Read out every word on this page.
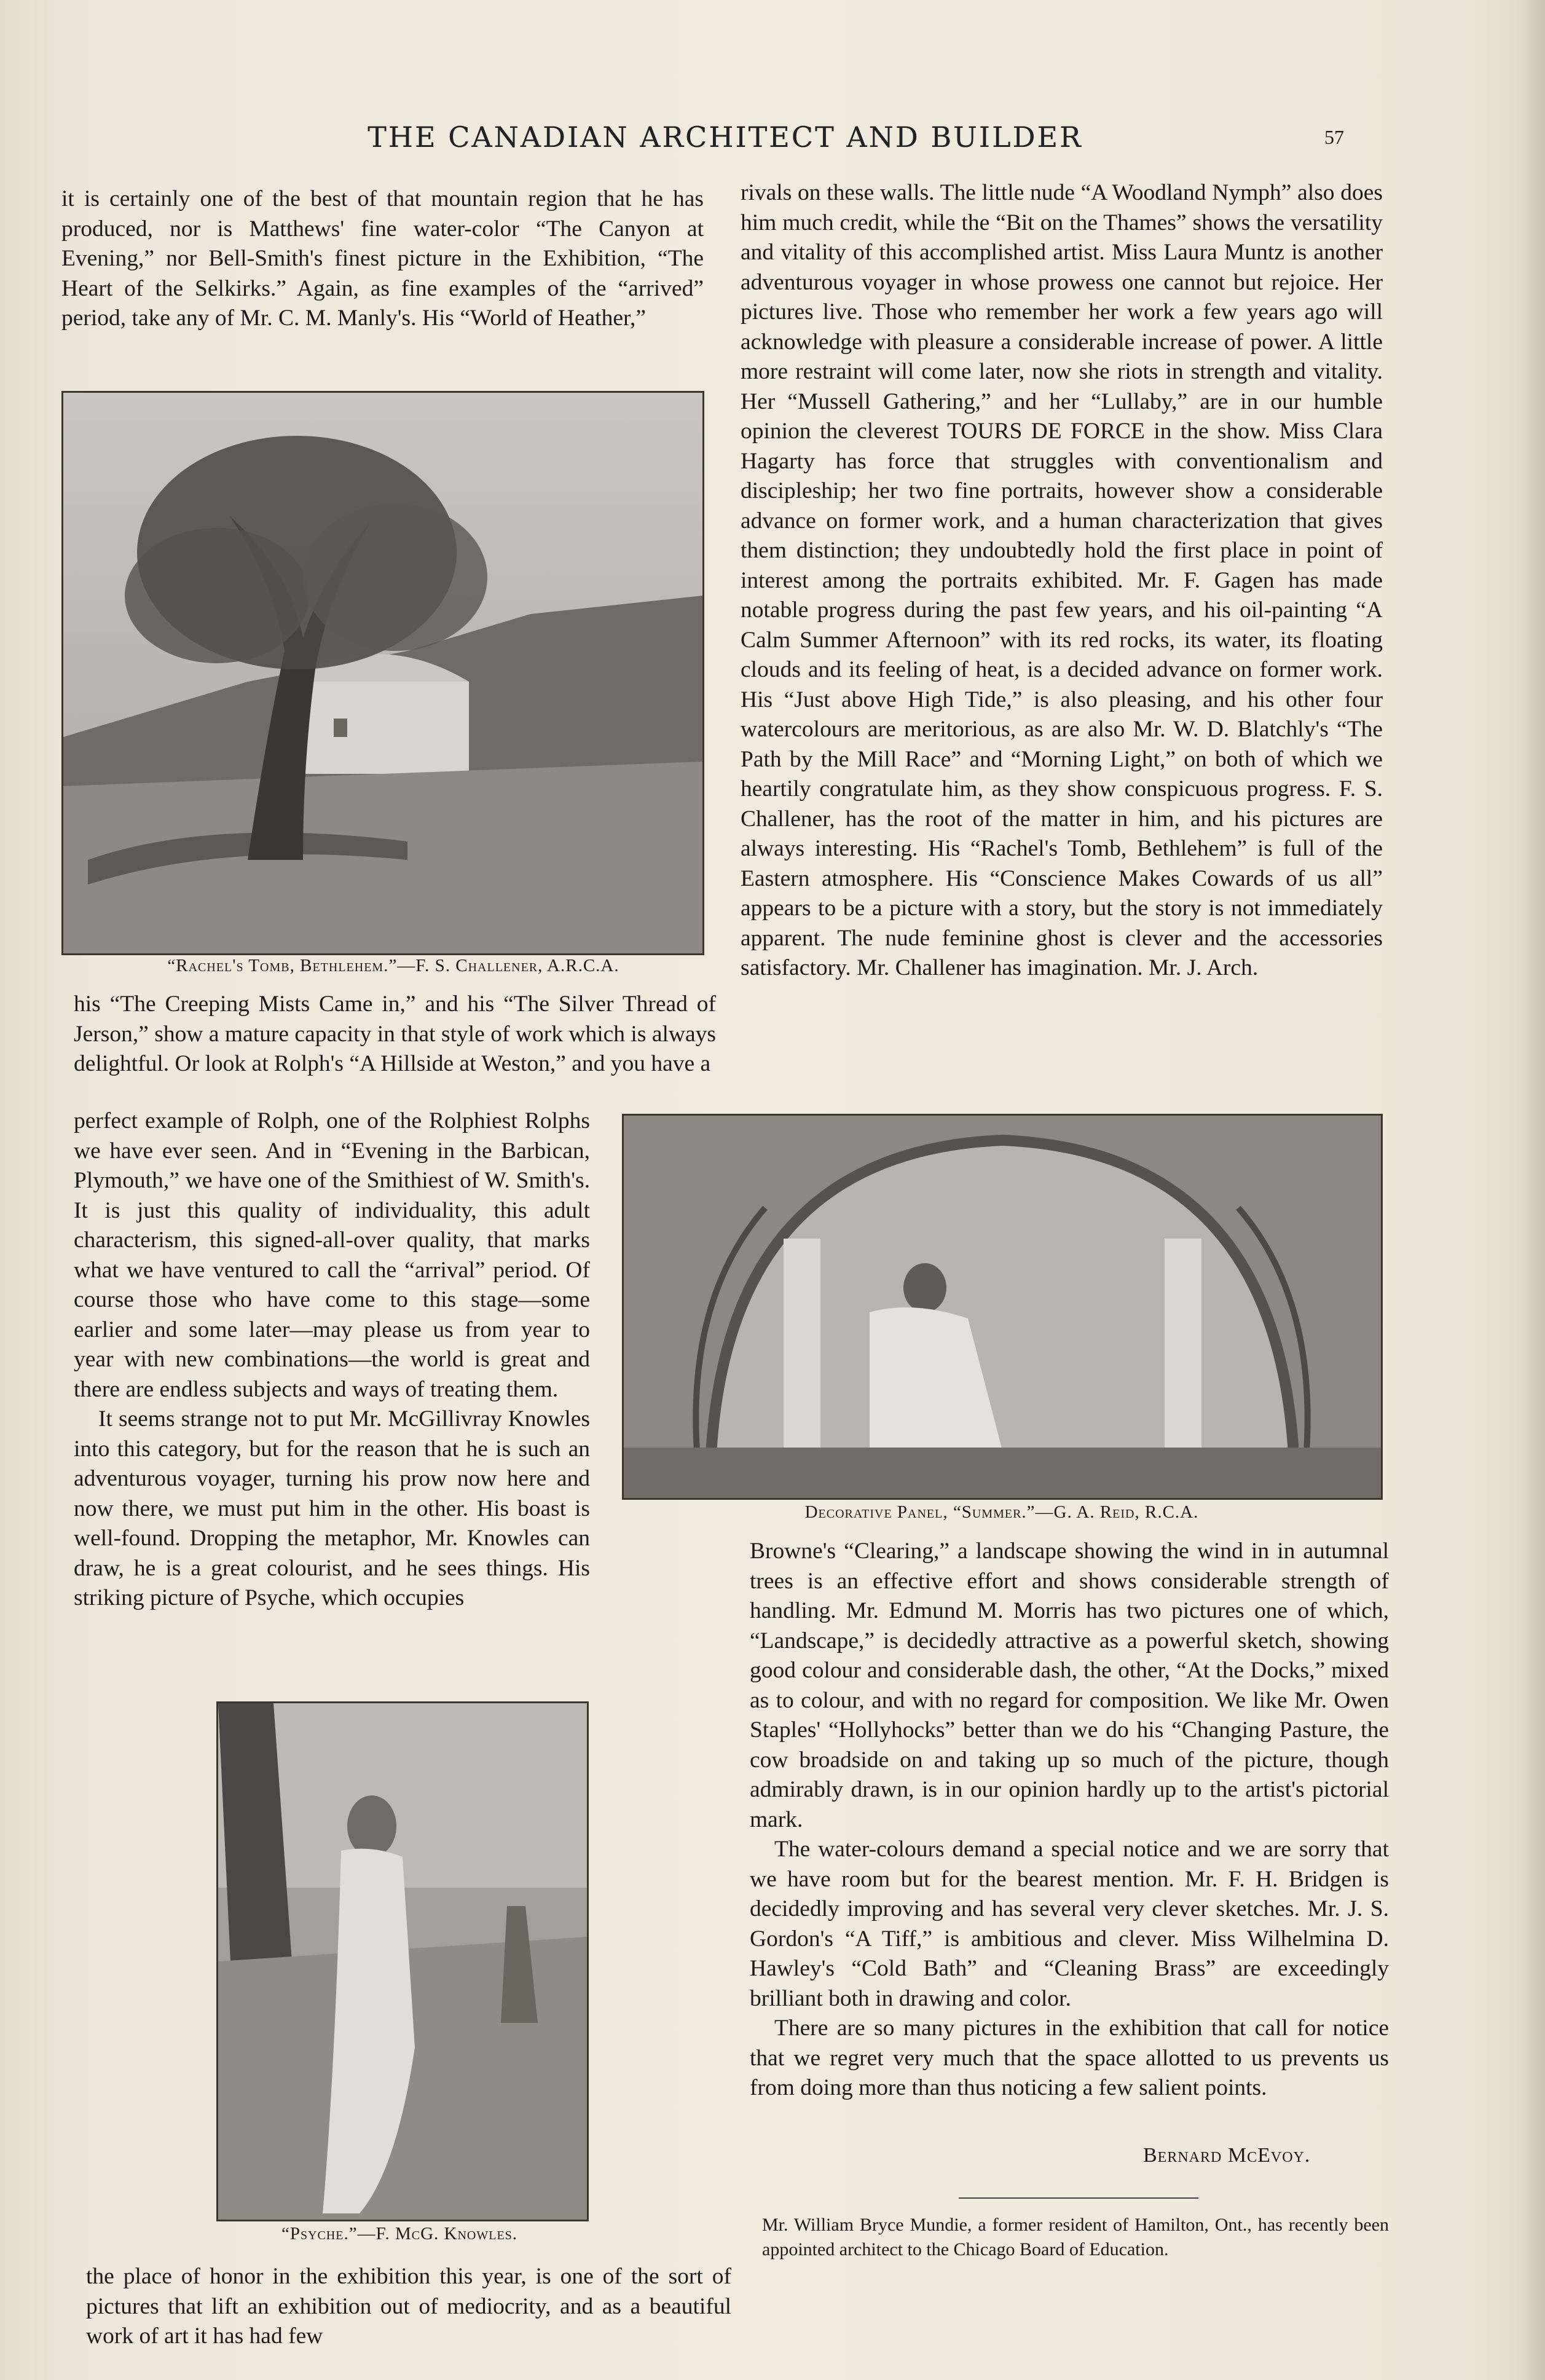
THE CANADIAN ARCHITECT AND BUILDER	57

it is certainly one of the best of that mountain region that he has produced, nor is Matthews' fine water-color “The Canyon at Evening,” nor Bell-Smith's finest picture in the Exhibition, “The Heart of the Selkirks.” Again, as fine examples of the “arrived” period, take any of Mr. C. M. Manly's. His “World of Heather,”

“Rachel's Tomb, Bethlehem.”—F. S. Challener, A.R.C.A.

his “The Creeping Mists Came in,” and his “The Silver Thread of Jerson,” show a mature capacity in that style of work which is always delightful. Or look at Rolph's “A Hillside at Weston,” and you have a

perfect example of Rolph, one of the Rolphiest Rolphs we have ever seen. And in “Evening in the Barbican, Plymouth,” we have one of the Smithiest of W. Smith's. It is just this quality of individuality, this adult characterism, this signed-all-over quality, that marks what we have ventured to call the “arrival” period. Of course those who have come to this stage—some earlier and some later—may please us from year to year with new combinations—the world is great and there are endless subjects and ways of treating them.

It seems strange not to put Mr. McGillivray Knowles into this category, but for the reason that he is such an adventurous voyager, turning his prow now here and now there, we must put him in the other. His boast is well-found. Dropping the metaphor, Mr. Knowles can draw, he is a great colourist, and he sees things. His striking picture of Psyche, which occupies

“Psyche.”—F. McG. Knowles.

the place of honor in the exhibition this year, is one of the sort of pictures that lift an exhibition out of mediocrity, and as a beautiful work of art it has had few

rivals on these walls. The little nude “A Woodland Nymph” also does him much credit, while the “Bit on the Thames” shows the versatility and vitality of this accomplished artist. Miss Laura Muntz is another adventurous voyager in whose prowess one cannot but rejoice. Her pictures live. Those who remember her work a few years ago will acknowledge with pleasure a considerable increase of power. A little more restraint will come later, now she riots in strength and vitality. Her “Mussell Gathering,” and her “Lullaby,” are in our humble opinion the cleverest TOURS DE FORCE in the show. Miss Clara Hagarty has force that struggles with conventionalism and discipleship; her two fine portraits, however show a considerable advance on former work, and a human characterization that gives them distinction; they undoubtedly hold the first place in point of interest among the portraits exhibited. Mr. F. Gagen has made notable progress during the past few years, and his oil-painting “A Calm Summer Afternoon” with its red rocks, its water, its floating clouds and its feeling of heat, is a decided advance on former work. His “Just above High Tide,” is also pleasing, and his other four watercolours are meritorious, as are also Mr. W. D. Blatchly's “The Path by the Mill Race” and “Morning Light,” on both of which we heartily congratulate him, as they show conspicuous progress. F. S. Challener, has the root of the matter in him, and his pictures are always interesting. His “Rachel's Tomb, Bethlehem” is full of the Eastern atmosphere. His “Conscience Makes Cowards of us all” appears to be a picture with a story, but the story is not immediately apparent. The nude feminine ghost is clever and the accessories satisfactory. Mr. Challener has imagination. Mr. J. Arch.

Decorative Panel, “Summer.”—G. A. Reid, R.C.A.

Browne's “Clearing,” a landscape showing the wind in in autumnal trees is an effective effort and shows considerable strength of handling. Mr. Edmund M. Morris has two pictures one of which, “Landscape,” is decidedly attractive as a powerful sketch, showing good colour and considerable dash, the other, “At the Docks,” mixed as to colour, and with no regard for composition. We like Mr. Owen Staples' “Hollyhocks” better than we do his “Changing Pasture, the cow broadside on and taking up so much of the picture, though admirably drawn, is in our opinion hardly up to the artist's pictorial mark.

The water-colours demand a special notice and we are sorry that we have room but for the bearest mention. Mr. F. H. Bridgen is decidedly improving and has several very clever sketches. Mr. J. S. Gordon's “A Tiff,” is ambitious and clever. Miss Wilhelmina D. Hawley's “Cold Bath” and “Cleaning Brass” are exceedingly brilliant both in drawing and color.

There are so many pictures in the exhibition that call for notice that we regret very much that the space allotted to us prevents us from doing more than thus noticing a few salient points.

Bernard McEvoy.

Mr. William Bryce Mundie, a former resident of Hamilton, Ont., has recently been appointed architect to the Chicago Board of Education.
